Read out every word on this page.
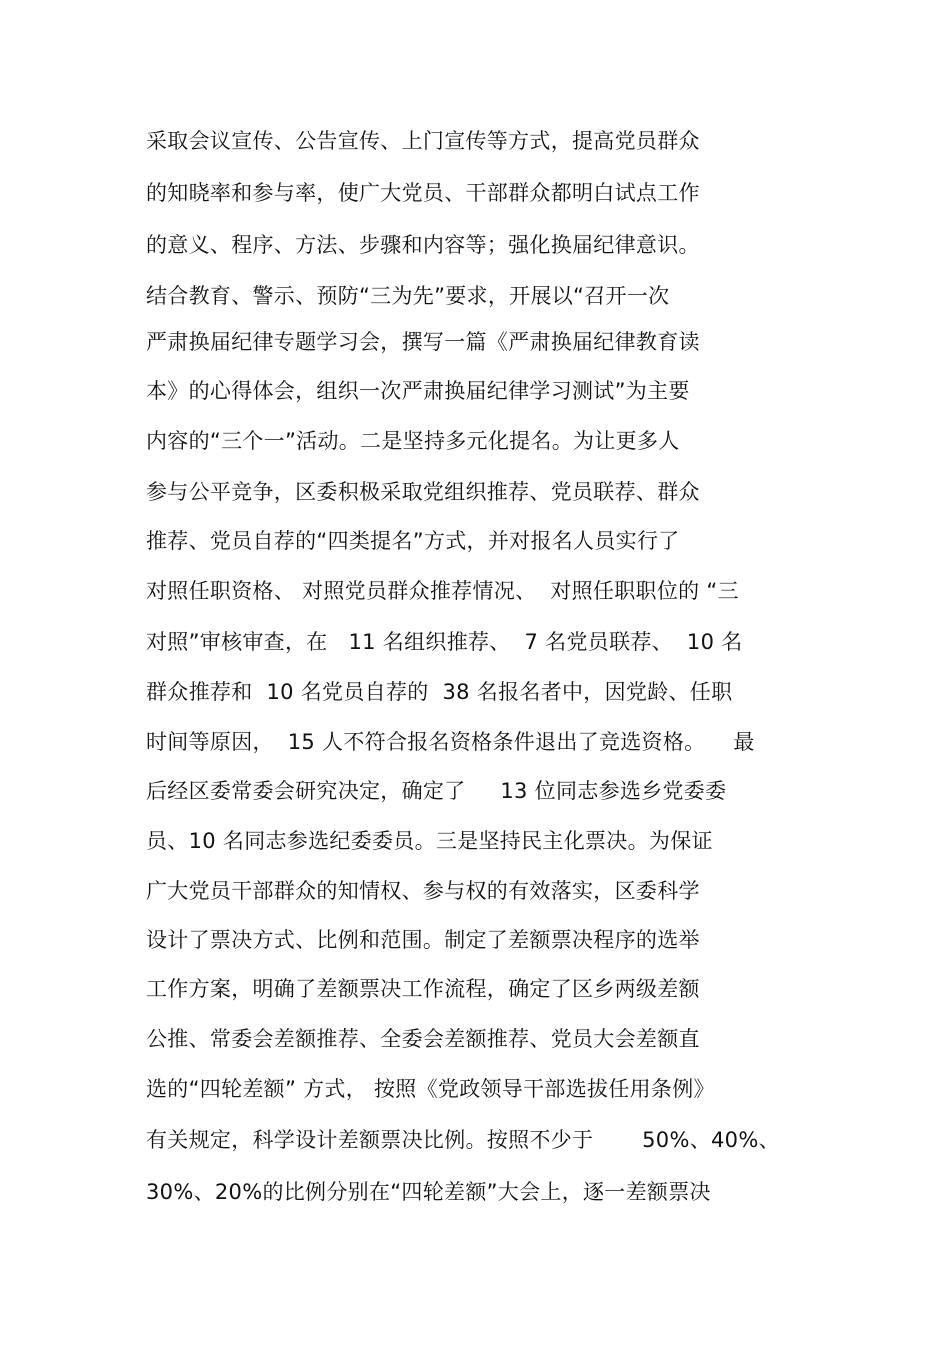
采取会议宣传、公告宣传、上门宣传等方式，提高党员群众
的知晓率和参与率，使广大党员、干部群众都明白试点工作
的意义、程序、方法、步骤和内容等；强化换届纪律意识。
结合教育、警示、预防“三为先”要求，开展以“召开一次
严肃换届纪律专题学习会，撰写一篇《严肃换届纪律教育读
本》的心得体会，组织一次严肃换届纪律学习测试”为主要
内容的“三个一”活动。二是坚持多元化提名。为让更多人
参与公平竞争，区委积极采取党组织推荐、党员联荐、群众
推荐、党员自荐的“四类提名”方式，并对报名人员实行了
对照任职资格、 对照党员群众推荐情况、  对照任职职位的 “三
对照”审核审查，在   11 名组织推荐、  7 名党员联荐、  10 名
群众推荐和  10 名党员自荐的  38 名报名者中，因党龄、任职
时间等原因，  15 人不符合报名资格条件退出了竞选资格。    最
后经区委常委会研究决定，确定了     13 位同志参选乡党委委
员、10 名同志参选纪委委员。三是坚持民主化票决。为保证
广大党员干部群众的知情权、参与权的有效落实，区委科学
设计了票决方式、比例和范围。制定了差额票决程序的选举
工作方案，明确了差额票决工作流程，确定了区乡两级差额
公推、常委会差额推荐、全委会差额推荐、党员大会差额直
选的“四轮差额” 方式， 按照《党政领导干部选拔任用条例》
有关规定，科学设计差额票决比例。按照不少于       50%、40%、
30%、20%的比例分别在“四轮差额”大会上，逐一差额票决
